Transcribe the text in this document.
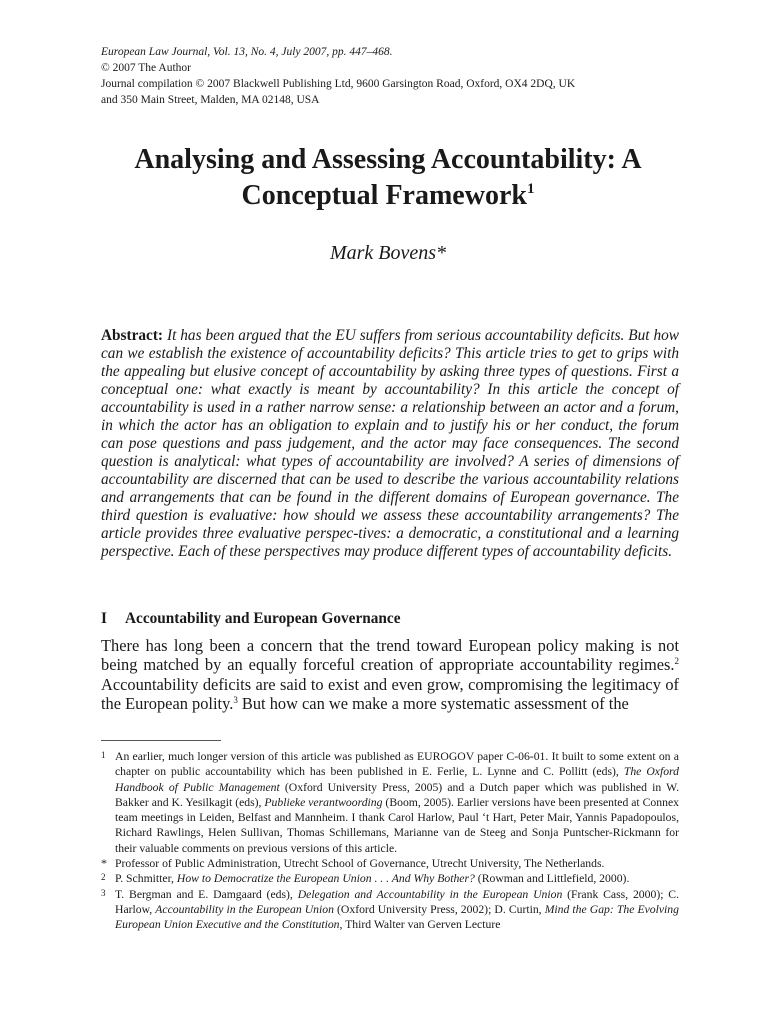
European Law Journal, Vol. 13, No. 4, July 2007, pp. 447–468.
© 2007 The Author
Journal compilation © 2007 Blackwell Publishing Ltd, 9600 Garsington Road, Oxford, OX4 2DQ, UK
and 350 Main Street, Malden, MA 02148, USA
Analysing and Assessing Accountability: A
Conceptual Framework$^1$
Mark Bovens*

Abstract: It has been argued that the EU suffers from serious accountability deficits. But how can we establish the existence of accountability deficits? This article tries to get to grips with the appealing but elusive concept of accountability by asking three types of questions. First a conceptual one: what exactly is meant by accountability? In this article the concept of accountability is used in a rather narrow sense: a relationship between an actor and a forum, in which the actor has an obligation to explain and to justify his or her conduct, the forum can pose questions and pass judgement, and the actor may face consequences. The second question is analytical: what types of accountability are involved? A series of dimensions of accountability are discerned that can be used to describe the various accountability relations and arrangements that can be found in the different domains of European governance. The third question is evaluative: how should we assess these accountability arrangements? The article provides three evaluative perspec-tives: a democratic, a constitutional and a learning perspective. Each of these perspectives may produce different types of accountability deficits.

I Accountability and European Governance

There has long been a concern that the trend toward European policy making is not being matched by an equally forceful creation of appropriate accountability regimes.$^2$ Accountability deficits are said to exist and even grow, compromising the legitimacy of the European polity.$^3$ But how can we make a more systematic assessment of the

1 An earlier, much longer version of this article was published as EUROGOV paper C-06-01. It built to some extent on a chapter on public accountability which has been published in E. Ferlie, L. Lynne and C. Pollitt (eds), The Oxford Handbook of Public Management (Oxford University Press, 2005) and a Dutch paper which was published in W. Bakker and K. Yesilkagit (eds), Publieke verantwoording (Boom, 2005). Earlier versions have been presented at Connex team meetings in Leiden, Belfast and Mannheim. I thank Carol Harlow, Paul ‘t Hart, Peter Mair, Yannis Papadopoulos, Richard Rawlings, Helen Sullivan, Thomas Schillemans, Marianne van de Steeg and Sonja Puntscher-Rickmann for their valuable comments on previous versions of this article.
* Professor of Public Administration, Utrecht School of Governance, Utrecht University, The Netherlands.
2 P. Schmitter, How to Democratize the European Union . . . And Why Bother? (Rowman and Littlefield, 2000).
3 T. Bergman and E. Damgaard (eds), Delegation and Accountability in the European Union (Frank Cass, 2000); C. Harlow, Accountability in the European Union (Oxford University Press, 2002); D. Curtin, Mind the Gap: The Evolving European Union Executive and the Constitution, Third Walter van Gerven Lecture
